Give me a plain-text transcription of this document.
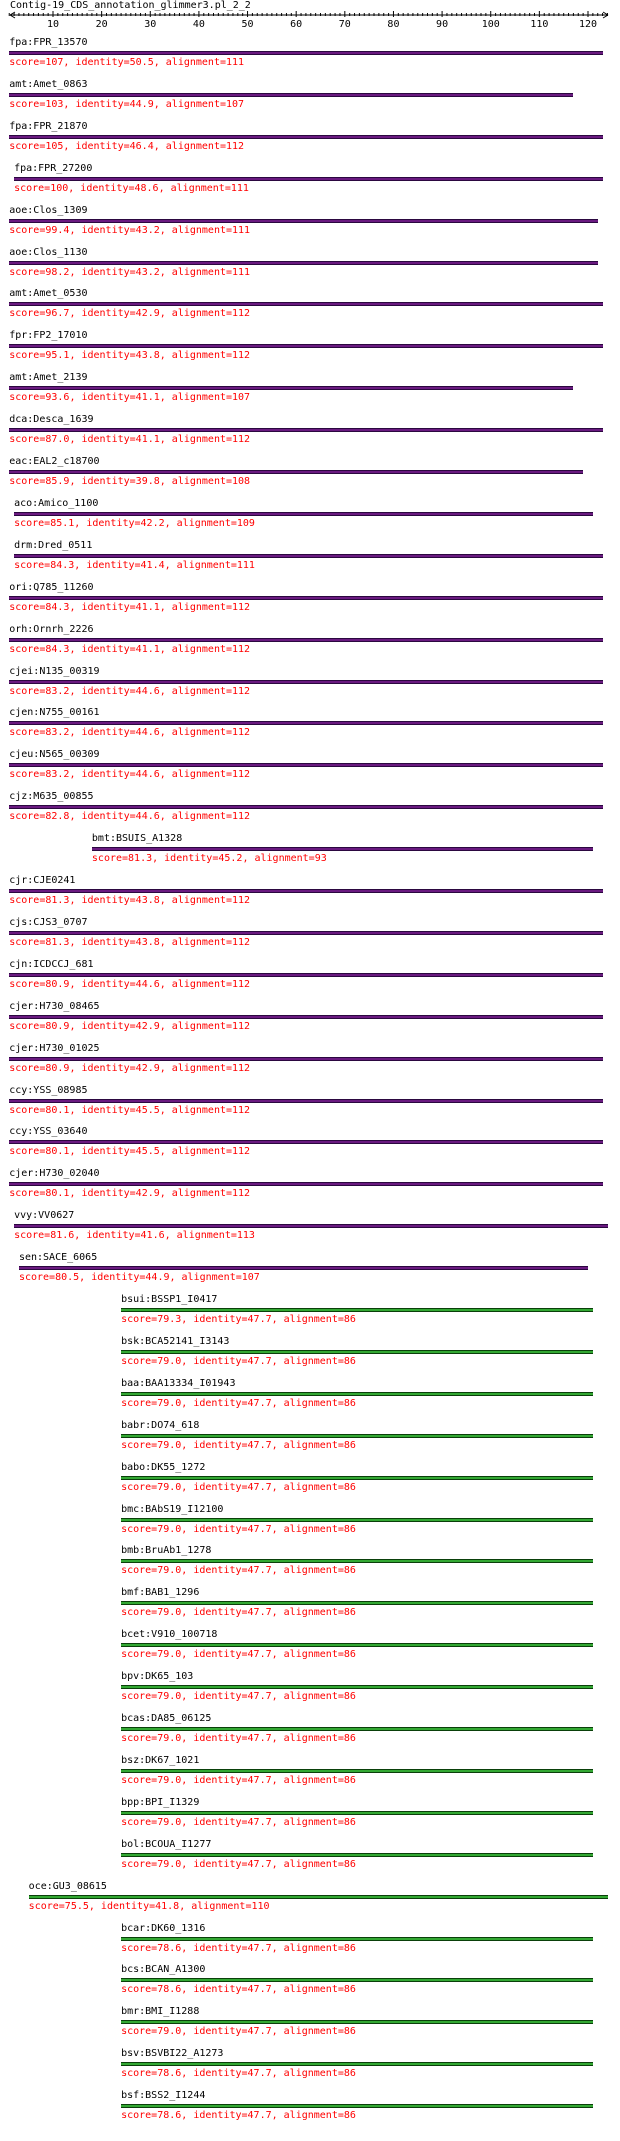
Contig-19_CDS_annotation_glimmer3.pl_2_2
10	20	30	40	50	60	70	80	90	100	110	120
fpa:FPR_13570
score=107, identity=50.5, alignment=111
amt:Amet_0863
score=103, identity=44.9, alignment=107
fpa:FPR_21870
score=105, identity=46.4, alignment=112
fpa:FPR_27200
score=100, identity=48.6, alignment=111
aoe:Clos_1309
score=99.4, identity=43.2, alignment=111
aoe:Clos_1130
score=98.2, identity=43.2, alignment=111
amt:Amet_0530
score=96.7, identity=42.9, alignment=112
fpr:FP2_17010
score=95.1, identity=43.8, alignment=112
amt:Amet_2139
score=93.6, identity=41.1, alignment=107
dca:Desca_1639
score=87.0, identity=41.1, alignment=112
eac:EAL2_c18700
score=85.9, identity=39.8, alignment=108
aco:Amico_1100
score=85.1, identity=42.2, alignment=109
drm:Dred_0511
score=84.3, identity=41.4, alignment=111
ori:Q785_11260
score=84.3, identity=41.1, alignment=112
orh:Ornrh_2226
score=84.3, identity=41.1, alignment=112
cjei:N135_00319
score=83.2, identity=44.6, alignment=112
cjen:N755_00161
score=83.2, identity=44.6, alignment=112
cjeu:N565_00309
score=83.2, identity=44.6, alignment=112
cjz:M635_00855
score=82.8, identity=44.6, alignment=112
bmt:BSUIS_A1328
score=81.3, identity=45.2, alignment=93
cjr:CJE0241
score=81.3, identity=43.8, alignment=112
cjs:CJS3_0707
score=81.3, identity=43.8, alignment=112
cjn:ICDCCJ_681
score=80.9, identity=44.6, alignment=112
cjer:H730_08465
score=80.9, identity=42.9, alignment=112
cjer:H730_01025
score=80.9, identity=42.9, alignment=112
ccy:YSS_08985
score=80.1, identity=45.5, alignment=112
ccy:YSS_03640
score=80.1, identity=45.5, alignment=112
cjer:H730_02040
score=80.1, identity=42.9, alignment=112
vvy:VV0627
score=81.6, identity=41.6, alignment=113
sen:SACE_6065
score=80.5, identity=44.9, alignment=107
bsui:BSSP1_I0417
score=79.3, identity=47.7, alignment=86
bsk:BCA52141_I3143
score=79.0, identity=47.7, alignment=86
baa:BAA13334_I01943
score=79.0, identity=47.7, alignment=86
babr:DO74_618
score=79.0, identity=47.7, alignment=86
babo:DK55_1272
score=79.0, identity=47.7, alignment=86
bmc:BAbS19_I12100
score=79.0, identity=47.7, alignment=86
bmb:BruAb1_1278
score=79.0, identity=47.7, alignment=86
bmf:BAB1_1296
score=79.0, identity=47.7, alignment=86
bcet:V910_100718
score=79.0, identity=47.7, alignment=86
bpv:DK65_103
score=79.0, identity=47.7, alignment=86
bcas:DA85_06125
score=79.0, identity=47.7, alignment=86
bsz:DK67_1021
score=79.0, identity=47.7, alignment=86
bpp:BPI_I1329
score=79.0, identity=47.7, alignment=86
bol:BCOUA_I1277
score=79.0, identity=47.7, alignment=86
oce:GU3_08615
score=75.5, identity=41.8, alignment=110
bcar:DK60_1316
score=78.6, identity=47.7, alignment=86
bcs:BCAN_A1300
score=78.6, identity=47.7, alignment=86
bmr:BMI_I1288
score=79.0, identity=47.7, alignment=86
bsv:BSVBI22_A1273
score=78.6, identity=47.7, alignment=86
bsf:BSS2_I1244
score=78.6, identity=47.7, alignment=86
